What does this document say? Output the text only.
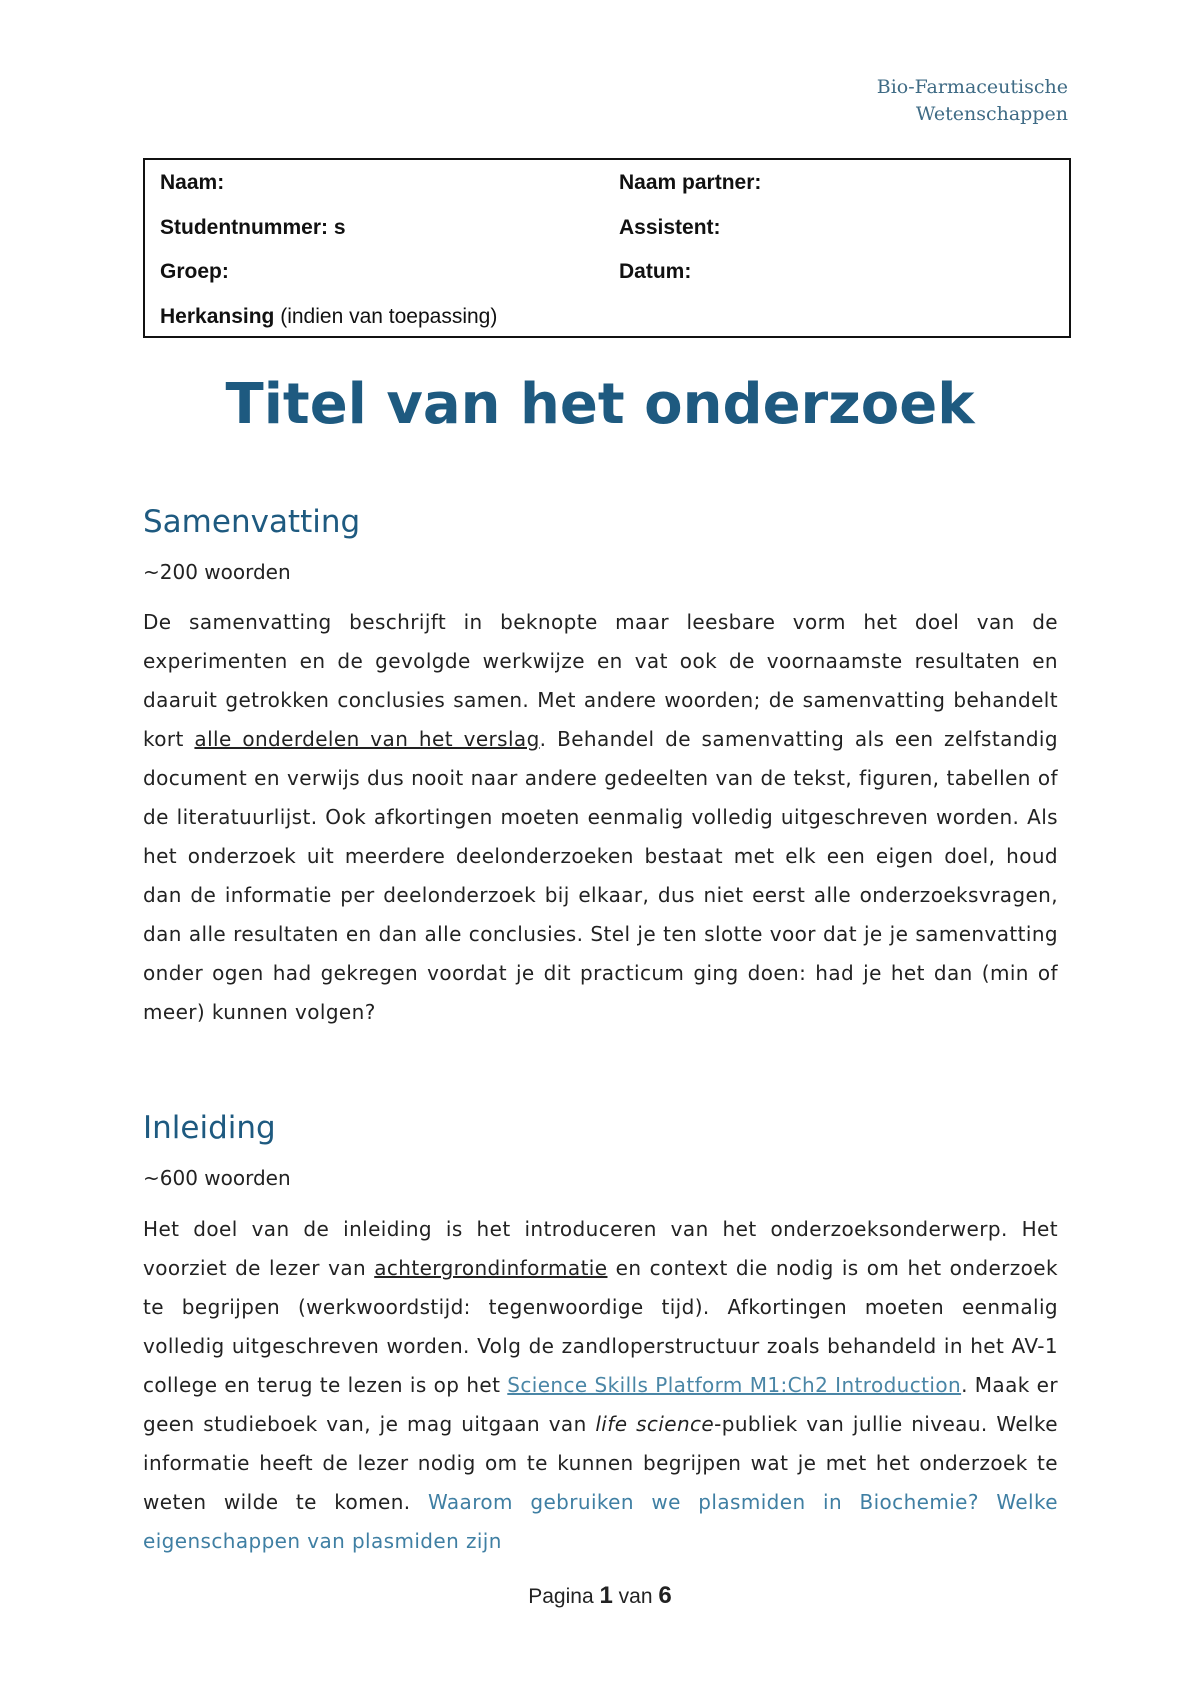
Bio-Farmaceutische
Wetenschappen
Naam:	Naam partner:
Studentnummer: s	Assistent:
Groep:	Datum:
Herkansing (indien van toepassing)
Titel van het onderzoek
Samenvatting
~200 woorden

De samenvatting beschrijft in beknopte maar leesbare vorm het doel van de experimenten en de gevolgde werkwijze en vat ook de voornaamste resultaten en daaruit getrokken conclusies samen. Met andere woorden; de samenvatting behandelt kort alle onderdelen van het verslag. Behandel de samenvatting als een zelfstandig document en verwijs dus nooit naar andere gedeelten van de tekst, figuren, tabellen of de literatuurlijst. Ook afkortingen moeten eenmalig volledig uitgeschreven worden. Als het onderzoek uit meerdere deelonderzoeken bestaat met elk een eigen doel, houd dan de informatie per deelonderzoek bij elkaar, dus niet eerst alle onderzoeksvragen, dan alle resultaten en dan alle conclusies. Stel je ten slotte voor dat je je samenvatting onder ogen had gekregen voordat je dit practicum ging doen: had je het dan (min of meer) kunnen volgen?

Inleiding
~600 woorden

Het doel van de inleiding is het introduceren van het onderzoeksonderwerp. Het voorziet de lezer van achtergrondinformatie en context die nodig is om het onderzoek te begrijpen (werkwoordstijd: tegenwoordige tijd). Afkortingen moeten eenmalig volledig uitgeschreven worden. Volg de zandloperstructuur zoals behandeld in het AV-1 college en terug te lezen is op het Science Skills Platform M1:Ch2 Introduction. Maak er geen studieboek van, je mag uitgaan van life science-publiek van jullie niveau. Welke informatie heeft de lezer nodig om te kunnen begrijpen wat je met het onderzoek te weten wilde te komen. Waarom gebruiken we plasmiden in Biochemie? Welke eigenschappen van plasmiden zijn

Pagina 1 van 6
